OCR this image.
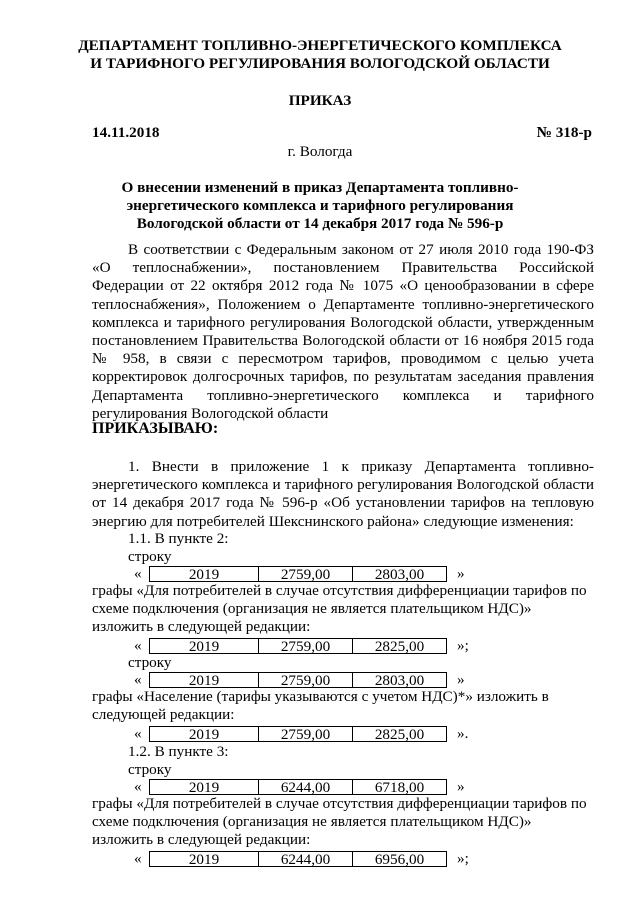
ДЕПАРТАМЕНТ ТОПЛИВНО-ЭНЕРГЕТИЧЕСКОГО КОМПЛЕКСА
И ТАРИФНОГО РЕГУЛИРОВАНИЯ ВОЛОГОДСКОЙ ОБЛАСТИ
ПРИКАЗ
14.11.2018	№ 318-р
г. Вологда
О внесении изменений в приказ Департамента топливно-
энергетического комплекса и тарифного регулирования
Вологодской области от 14 декабря 2017 года № 596-р

В соответствии с Федеральным законом от 27 июля 2010 года 190-ФЗ «О теплоснабжении», постановлением Правительства Российской Федерации от 22 октября 2012 года № 1075 «О ценообразовании в сфере теплоснабжения», Положением о Департаменте топливно-энергетического комплекса и тарифного регулирования Вологодской области, утвержденным постановлением Правительства Вологодской области от 16 ноября 2015 года № 958, в связи с пересмотром тарифов, проводимом с целью учета корректировок долгосрочных тарифов, по результатам заседания правления Департамента топливно-энергетического комплекса и тарифного регулирования Вологодской области

ПРИКАЗЫВАЮ:

1. Внести в приложение 1 к приказу Департамента топливно-энергетического комплекса и тарифного регулирования Вологодской области от 14 декабря 2017 года № 596-р «Об установлении тарифов на тепловую энергию для потребителей Шекснинского района» следующие изменения:

1.1. В пункте 2:
строку
«	2019	2759,00	2803,00	»

графы «Для потребителей в случае отсутствия дифференциации тарифов по

схеме подключения (организация не является плательщиком НДС)»

изложить в следующей редакции:

«	2019	2759,00	2825,00	»;
строку
«	2019	2759,00	2803,00	»

графы «Население (тарифы указываются с учетом НДС)*» изложить в

следующей редакции:

«	2019	2759,00	2825,00	».
1.2. В пункте 3:
строку
«	2019	6244,00	6718,00	»

графы «Для потребителей в случае отсутствия дифференциации тарифов по

схеме подключения (организация не является плательщиком НДС)»

изложить в следующей редакции:

«	2019	6244,00	6956,00	»;
